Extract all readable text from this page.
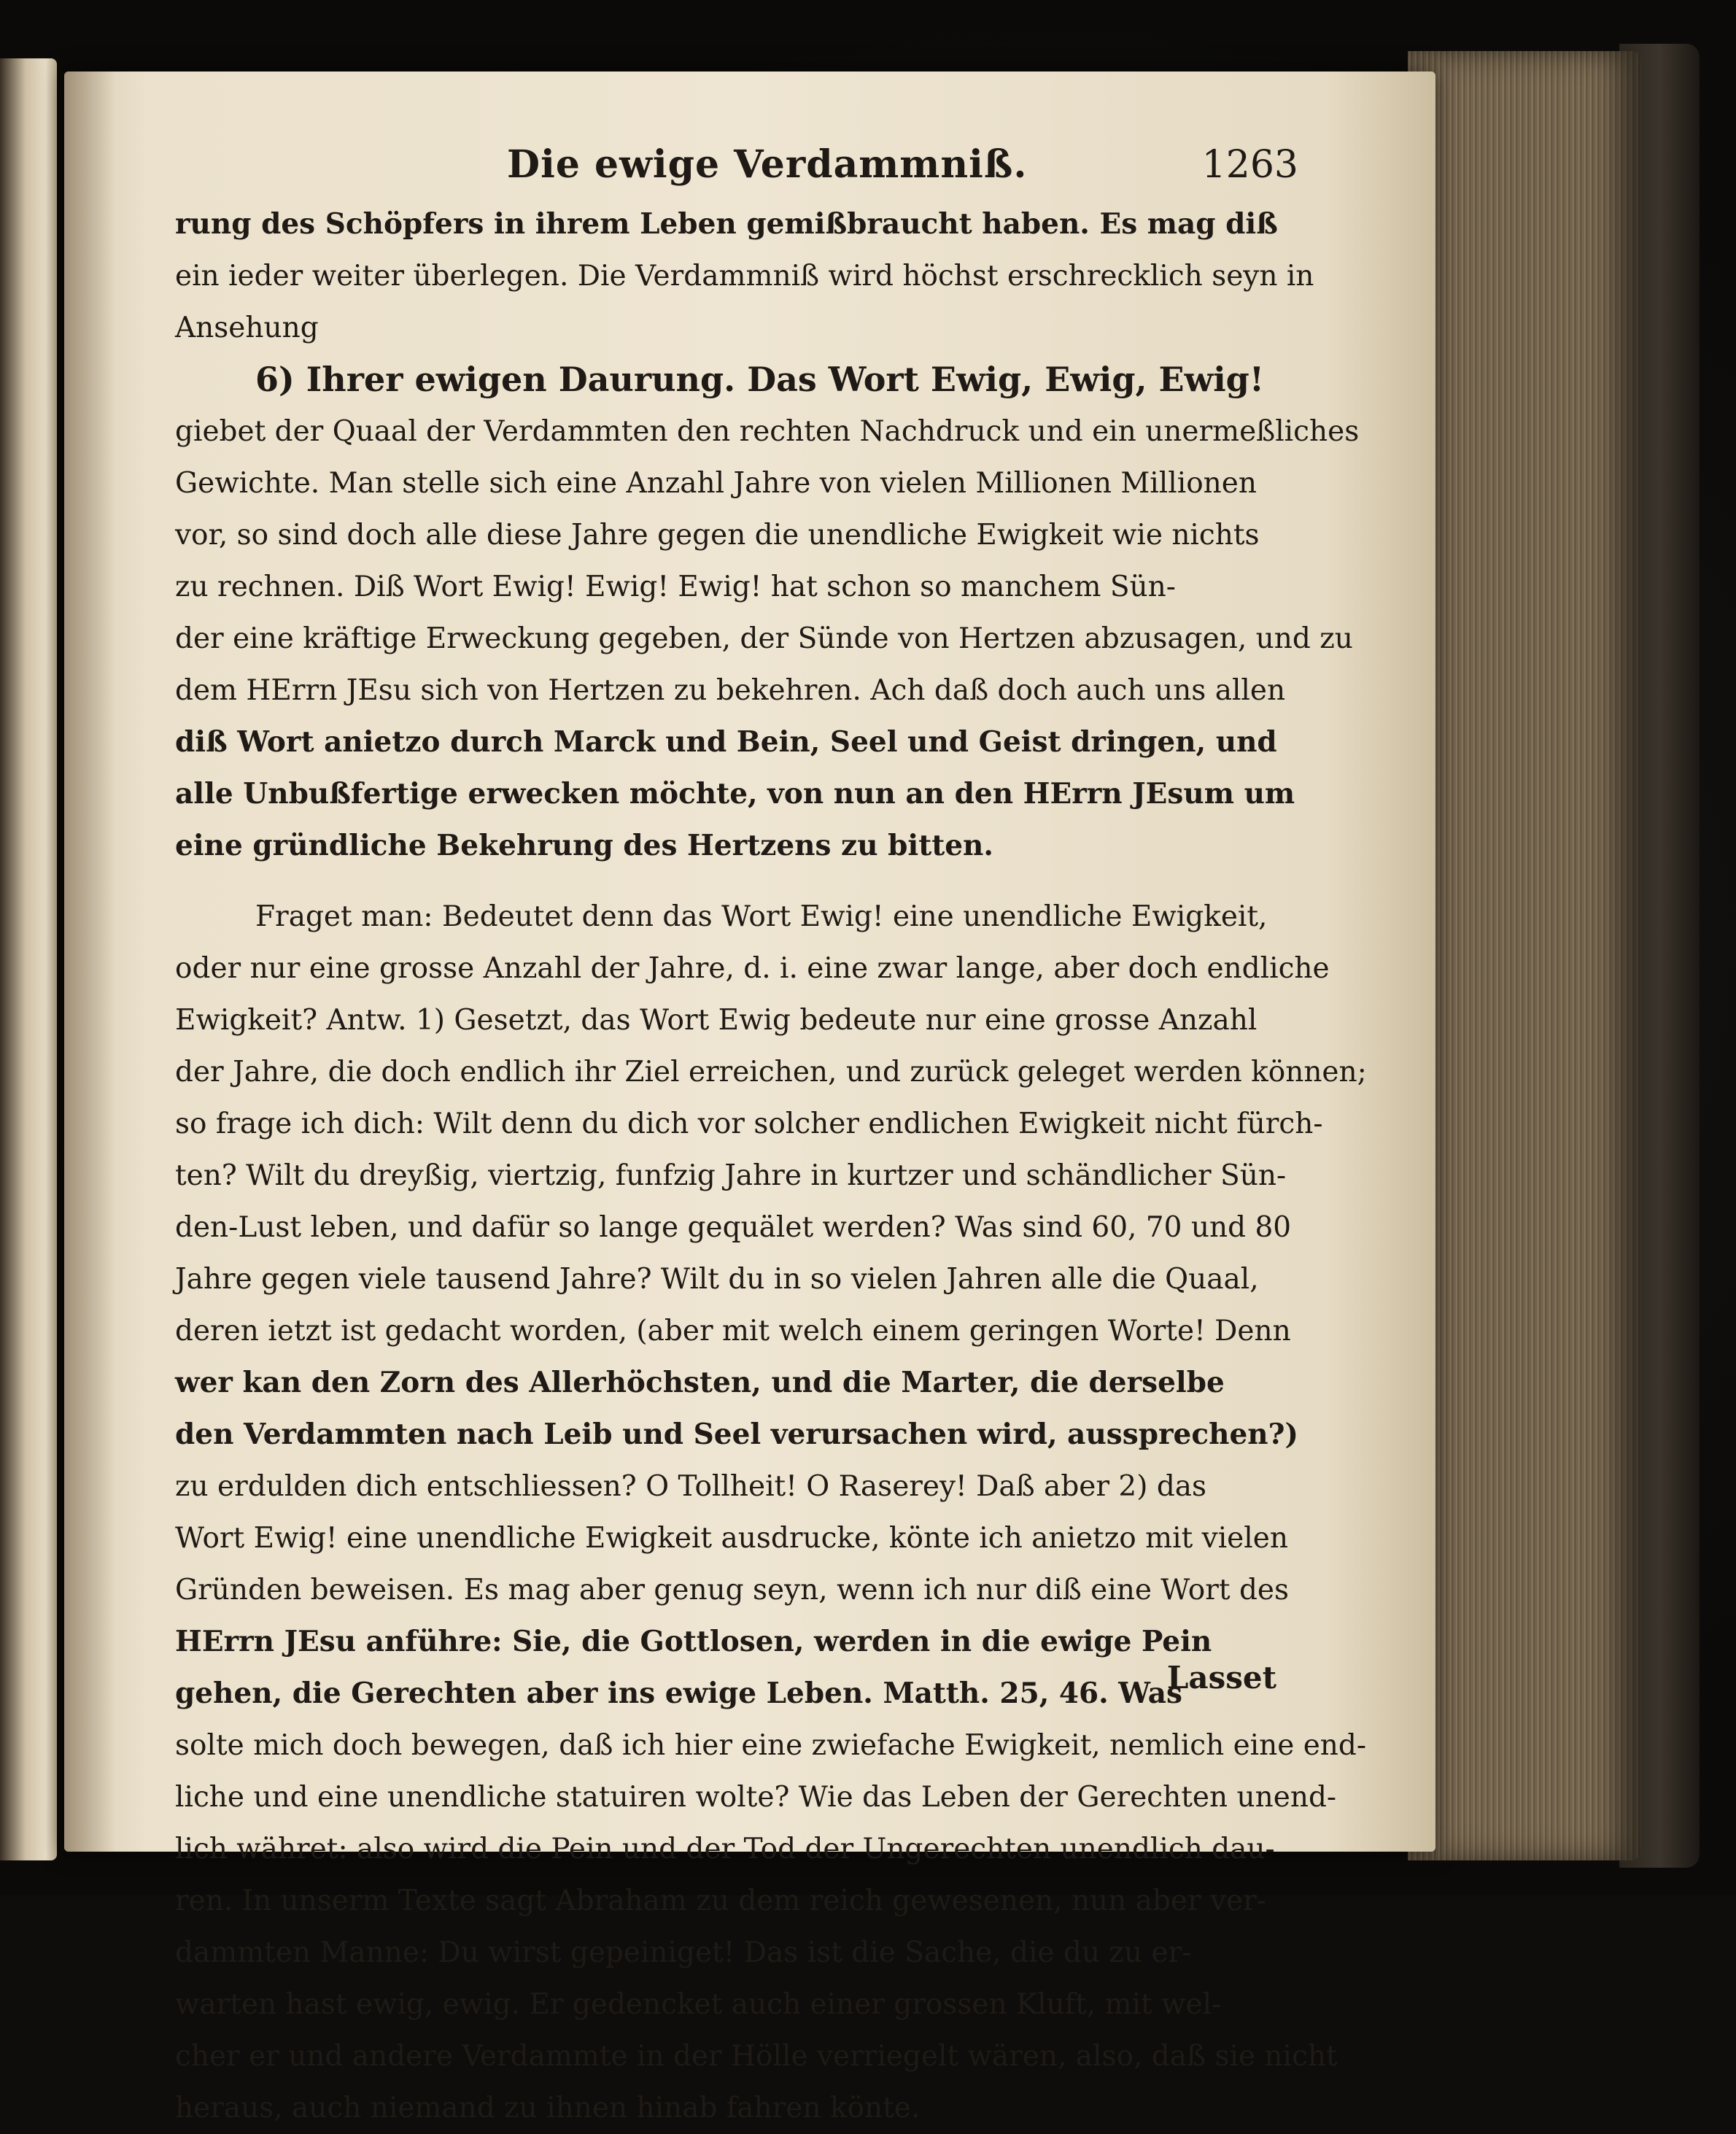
Die ewige Verdammniß.	1263

rung des Schöpfers in ihrem Leben gemißbraucht haben. Es mag diß
ein ieder weiter überlegen. Die Verdammniß wird höchst erschrecklich seyn in
Ansehung
6) Ihrer ewigen Daurung. Das Wort Ewig, Ewig, Ewig!
giebet der Quaal der Verdammten den rechten Nachdruck und ein unermeßliches
Gewichte. Man stelle sich eine Anzahl Jahre von vielen Millionen Millionen
vor, so sind doch alle diese Jahre gegen die unendliche Ewigkeit wie nichts
zu rechnen. Diß Wort Ewig! Ewig! Ewig! hat schon so manchem Sün-
der eine kräftige Erweckung gegeben, der Sünde von Hertzen abzusagen, und zu
dem HErrn JEsu sich von Hertzen zu bekehren. Ach daß doch auch uns allen
diß Wort anietzo durch Marck und Bein, Seel und Geist dringen, und
alle Unbußfertige erwecken möchte, von nun an den HErrn JEsum um
eine gründliche Bekehrung des Hertzens zu bitten.

Fraget man: Bedeutet denn das Wort Ewig! eine unendliche Ewigkeit,
oder nur eine grosse Anzahl der Jahre, d. i. eine zwar lange, aber doch endliche
Ewigkeit? Antw. 1) Gesetzt, das Wort Ewig bedeute nur eine grosse Anzahl
der Jahre, die doch endlich ihr Ziel erreichen, und zurück geleget werden können;
so frage ich dich: Wilt denn du dich vor solcher endlichen Ewigkeit nicht fürch-
ten? Wilt du dreyßig, viertzig, funfzig Jahre in kurtzer und schändlicher Sün-
den-Lust leben, und dafür so lange gequälet werden? Was sind 60, 70 und 80
Jahre gegen viele tausend Jahre? Wilt du in so vielen Jahren alle die Quaal,
deren ietzt ist gedacht worden, (aber mit welch einem geringen Worte! Denn
wer kan den Zorn des Allerhöchsten, und die Marter, die derselbe
den Verdammten nach Leib und Seel verursachen wird, aussprechen?)
zu erdulden dich entschliessen? O Tollheit! O Raserey! Daß aber 2) das
Wort Ewig! eine unendliche Ewigkeit ausdrucke, könte ich anietzo mit vielen
Gründen beweisen. Es mag aber genug seyn, wenn ich nur diß eine Wort des
HErrn JEsu anführe: Sie, die Gottlosen, werden in die ewige Pein
gehen, die Gerechten aber ins ewige Leben. Matth. 25, 46. Was
solte mich doch bewegen, daß ich hier eine zwiefache Ewigkeit, nemlich eine end-
liche und eine unendliche statuiren wolte? Wie das Leben der Gerechten unend-
lich währet: also wird die Pein und der Tod der Ungerechten unendlich dau-
ren. In unserm Texte sagt Abraham zu dem reich gewesenen, nun aber ver-
dammten Manne: Du wirst gepeiniget! Das ist die Sache, die du zu er-
warten hast ewig, ewig. Er gedencket auch einer grossen Kluft, mit wel-
cher er und andere Verdammte in der Hölle verriegelt wären, also, daß sie nicht
heraus, auch niemand zu ihnen hinab fahren könte.

Lasset
